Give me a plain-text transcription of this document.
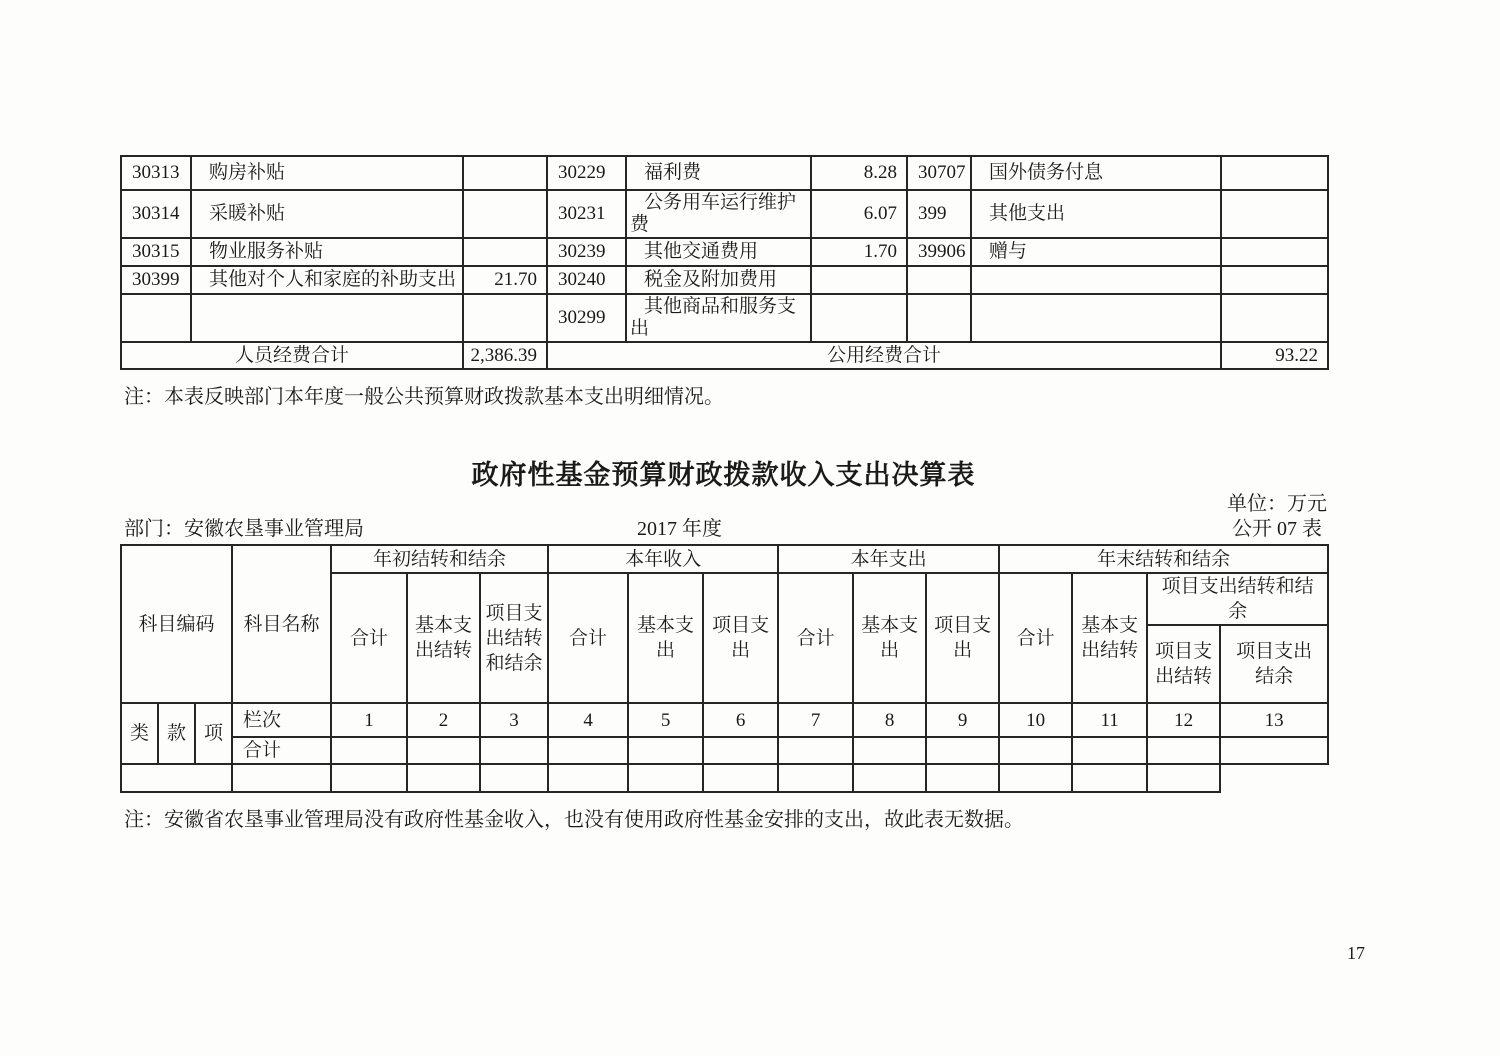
30313	购房补贴		30229	福利费	8.28	30707	国外债务付息	
30314	采暖补贴		30231	公务用车运行维护费	6.07	399	其他支出	
30315	物业服务补贴		30239	其他交通费用	1.70	39906	赠与	
30399	其他对个人和家庭的补助支出	21.70	30240	税金及附加费用				
			30299	其他商品和服务支出				
人员经费合计		2,386.39	公用经费合计					93.22
注：本表反映部门本年度一般公共预算财政拨款基本支出明细情况。
政府性基金预算财政拨款收入支出决算表
单位：万元
公开 07 表
部门：安徽农垦事业管理局	2017 年度
科目编码			科目名称	年初结转和结余			本年收入			本年支出			年末结转和结余			
				合计	基本支出结转	项目支出结转和结余	合计	基本支出	项目支出	合计	基本支出	项目支出	合计	基本支出结转	项目支出结转和结余	
															项目支出结转	项目支出结余
类	款	项	栏次	1	2	3	4	5	6	7	8	9	10	11	12	13
			合计													

注：安徽省农垦事业管理局没有政府性基金收入，也没有使用政府性基金安排的支出，故此表无数据。
17
